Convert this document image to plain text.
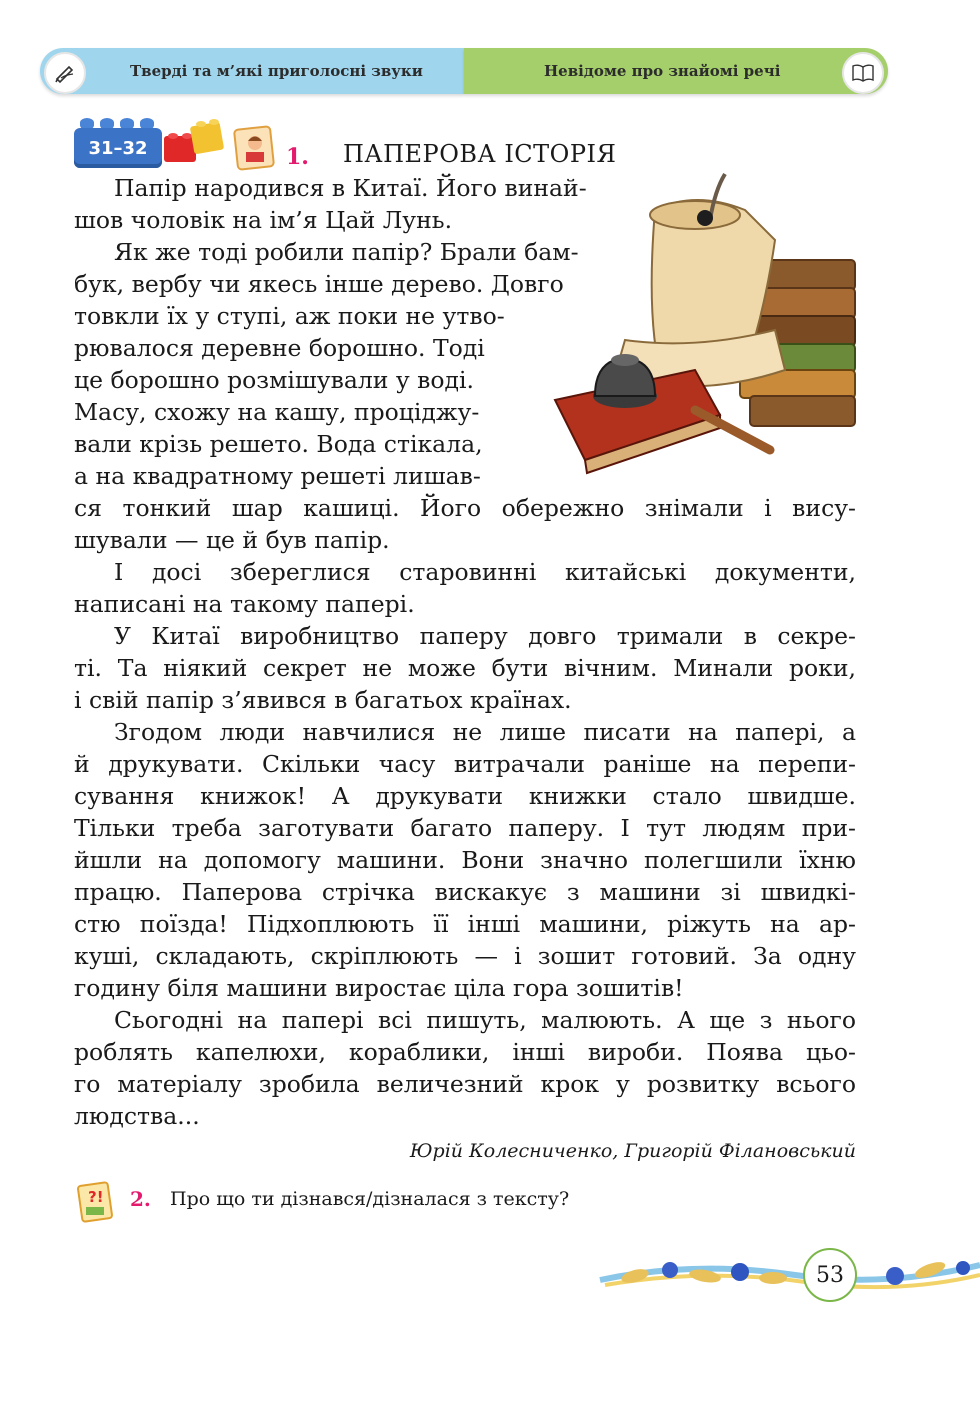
Тверді та м’які приголосні звуки	Невідоме про знайомі речі
31–32	1. ПАПЕРОВА ІСТОРІЯ
Папір народився в Китаї. Його винай-
шов чоловік на ім’я Цай Лунь.
Як же тоді робили папір? Брали бам-
бук, вербу чи якесь інше дерево. Довго
товкли їх у ступі, аж поки не утво-
рювалося деревне борошно. Тоді
це борошно розмішували у воді.
Масу, схожу на кашу, проціджу-
вали крізь решето. Вода стікала,
а на квадратному решеті лишав-
ся тонкий шар кашиці. Його обережно знімали і вису-
шували — це й був папір.
І досі збереглися старовинні китайські документи,
написані на такому папері.
У Китаї виробництво паперу довго тримали в секре-
ті. Та ніякий секрет не може бути вічним. Минали роки,
і свій папір з’явився в багатьох країнах.
Згодом люди навчилися не лише писати на папері, а
й друкувати. Скільки часу витрачали раніше на перепи-
сування книжок! А друкувати книжки стало швидше.
Тільки треба заготувати багато паперу. І тут людям при-
йшли на допомогу машини. Вони значно полегшили їхню
працю. Паперова стрічка вискакує з машини зі швидкі-
стю поїзда! Підхоплюють її інші машини, ріжуть на ар-
куші, складають, скріплюють — і зошит готовий. За одну
годину біля машини виростає ціла гора зошитів!
Сьогодні на папері всі пишуть, малюють. А ще з нього
роблять капелюхи, кораблики, інші вироби. Поява цьо-
го матеріалу зробила величезний крок у розвитку всього
людства...
Юрій Колесниченко, Григорій Філановський
?! 2. Про що ти дізнався/дізналася з тексту?
53
